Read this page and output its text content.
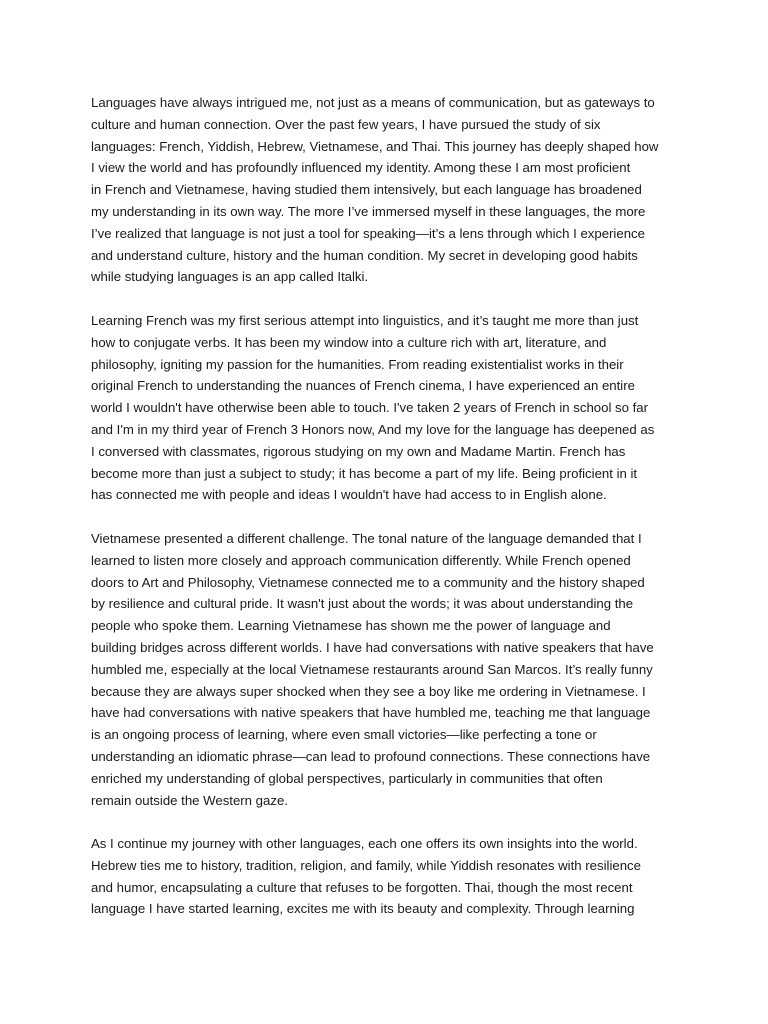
Languages have always intrigued me, not just as a means of communication, but as gateways to
culture and human connection. Over the past few years, I have pursued the study of six
languages: French, Yiddish, Hebrew, Vietnamese, and Thai. This journey has deeply shaped how
I view the world and has profoundly influenced my identity. Among these I am most proficient
in French and Vietnamese, having studied them intensively, but each language has broadened
my understanding in its own way. The more I’ve immersed myself in these languages, the more
I’ve realized that language is not just a tool for speaking—it’s a lens through which I experience
and understand culture, history and the human condition. My secret in developing good habits
while studying languages is an app called Italki.
Learning French was my first serious attempt into linguistics, and it’s taught me more than just
how to conjugate verbs. It has been my window into a culture rich with art, literature, and
philosophy, igniting my passion for the humanities. From reading existentialist works in their
original French to understanding the nuances of French cinema, I have experienced an entire
world I wouldn't have otherwise been able to touch. I've taken 2 years of French in school so far
and I'm in my third year of French 3 Honors now, And my love for the language has deepened as
I conversed with classmates, rigorous studying on my own and Madame Martin. French has
become more than just a subject to study; it has become a part of my life. Being proficient in it
has connected me with people and ideas I wouldn't have had access to in English alone.
Vietnamese presented a different challenge. The tonal nature of the language demanded that I
learned to listen more closely and approach communication differently. While French opened
doors to Art and Philosophy, Vietnamese connected me to a community and the history shaped
by resilience and cultural pride. It wasn't just about the words; it was about understanding the
people who spoke them. Learning Vietnamese has shown me the power of language and
building bridges across different worlds. I have had conversations with native speakers that have
humbled me, especially at the local Vietnamese restaurants around San Marcos. It’s really funny
because they are always super shocked when they see a boy like me ordering in Vietnamese. I
have had conversations with native speakers that have humbled me, teaching me that language
is an ongoing process of learning, where even small victories—like perfecting a tone or
understanding an idiomatic phrase—can lead to profound connections. These connections have
enriched my understanding of global perspectives, particularly in communities that often
remain outside the Western gaze.
As I continue my journey with other languages, each one offers its own insights into the world.
Hebrew ties me to history, tradition, religion, and family, while Yiddish resonates with resilience
and humor, encapsulating a culture that refuses to be forgotten. Thai, though the most recent
language I have started learning, excites me with its beauty and complexity. Through learning
